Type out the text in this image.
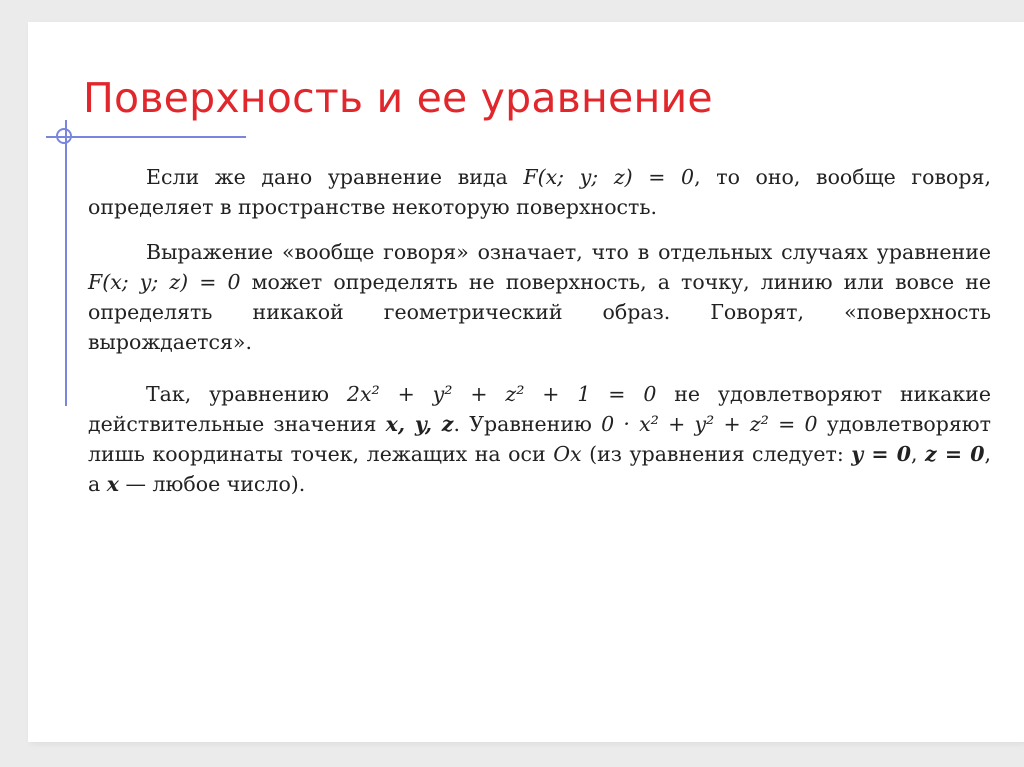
Поверхность и ее уравнение

Если же дано уравнение вида F(x; y; z) = 0, то оно, вообще говоря, определяет в пространстве некоторую поверхность.

Выражение «вообще говоря» означает, что в отдельных случаях уравнение F(x; y; z) = 0 может определять не поверхность, а точку, линию или вовсе не определять никакой геометрический образ. Говорят, «поверхность вырождается».

Так, уравнению 2x² + y² + z² + 1 = 0 не удовлетворяют никакие действительные значения x, y, z. Уравнению 0 · x² + y² + z² = 0 удовлетворяют лишь координаты точек, лежащих на оси Ox (из уравнения следует: y = 0, z = 0, а x — любое число).
